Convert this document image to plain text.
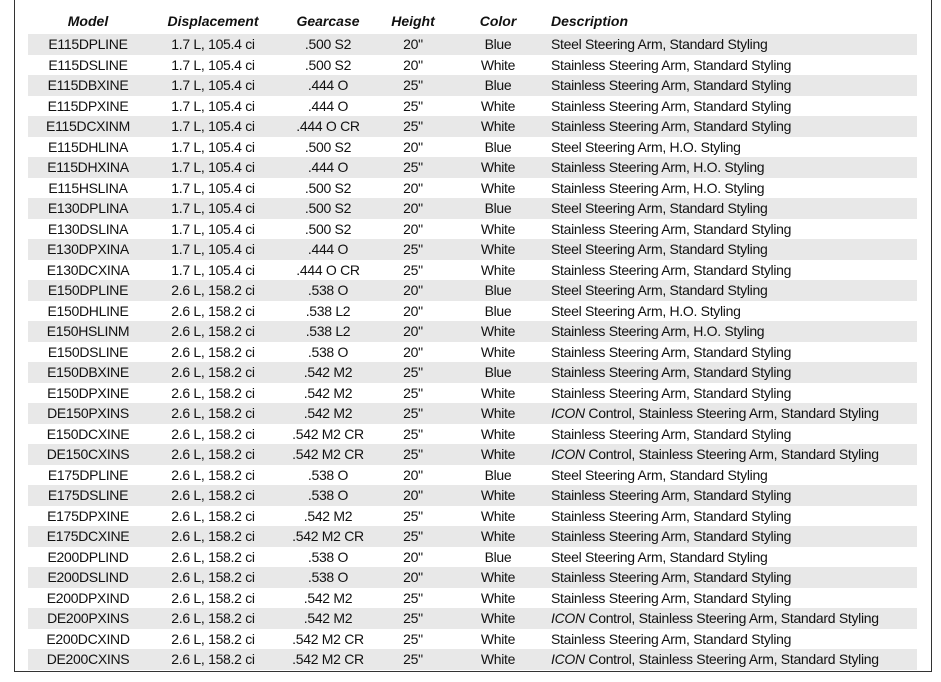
Model	Displacement	Gearcase	Height	Color	Description
E115DPLINE	1.7 L, 105.4 ci	.500 S2	20"	Blue	Steel Steering Arm, Standard Styling
E115DSLINE	1.7 L, 105.4 ci	.500 S2	20"	White	Stainless Steering Arm, Standard Styling
E115DBXINE	1.7 L, 105.4 ci	.444 O	25"	Blue	Stainless Steering Arm, Standard Styling
E115DPXINE	1.7 L, 105.4 ci	.444 O	25"	White	Stainless Steering Arm, Standard Styling
E115DCXINM	1.7 L, 105.4 ci	.444 O CR	25"	White	Stainless Steering Arm, Standard Styling
E115DHLINA	1.7 L, 105.4 ci	.500 S2	20"	Blue	Steel Steering Arm, H.O. Styling
E115DHXINA	1.7 L, 105.4 ci	.444 O	25"	White	Stainless Steering Arm, H.O. Styling
E115HSLINA	1.7 L, 105.4 ci	.500 S2	20"	White	Stainless Steering Arm, H.O. Styling
E130DPLINA	1.7 L, 105.4 ci	.500 S2	20"	Blue	Steel Steering Arm, Standard Styling
E130DSLINA	1.7 L, 105.4 ci	.500 S2	20"	White	Stainless Steering Arm, Standard Styling
E130DPXINA	1.7 L, 105.4 ci	.444 O	25"	White	Steel Steering Arm, Standard Styling
E130DCXINA	1.7 L, 105.4 ci	.444 O CR	25"	White	Stainless Steering Arm, Standard Styling
E150DPLINE	2.6 L, 158.2 ci	.538 O	20"	Blue	Steel Steering Arm, Standard Styling
E150DHLINE	2.6 L, 158.2 ci	.538 L2	20"	Blue	Steel Steering Arm, H.O. Styling
E150HSLINM	2.6 L, 158.2 ci	.538 L2	20"	White	Stainless Steering Arm, H.O. Styling
E150DSLINE	2.6 L, 158.2 ci	.538 O	20"	White	Stainless Steering Arm, Standard Styling
E150DBXINE	2.6 L, 158.2 ci	.542 M2	25"	Blue	Stainless Steering Arm, Standard Styling
E150DPXINE	2.6 L, 158.2 ci	.542 M2	25"	White	Stainless Steering Arm, Standard Styling
DE150PXINS	2.6 L, 158.2 ci	.542 M2	25"	White	ICON Control, Stainless Steering Arm, Standard Styling
E150DCXINE	2.6 L, 158.2 ci	.542 M2 CR	25"	White	Stainless Steering Arm, Standard Styling
DE150CXINS	2.6 L, 158.2 ci	.542 M2 CR	25"	White	ICON Control, Stainless Steering Arm, Standard Styling
E175DPLINE	2.6 L, 158.2 ci	.538 O	20"	Blue	Steel Steering Arm, Standard Styling
E175DSLINE	2.6 L, 158.2 ci	.538 O	20"	White	Stainless Steering Arm, Standard Styling
E175DPXINE	2.6 L, 158.2 ci	.542 M2	25"	White	Stainless Steering Arm, Standard Styling
E175DCXINE	2.6 L, 158.2 ci	.542 M2 CR	25"	White	Stainless Steering Arm, Standard Styling
E200DPLIND	2.6 L, 158.2 ci	.538 O	20"	Blue	Steel Steering Arm, Standard Styling
E200DSLIND	2.6 L, 158.2 ci	.538 O	20"	White	Stainless Steering Arm, Standard Styling
E200DPXIND	2.6 L, 158.2 ci	.542 M2	25"	White	Stainless Steering Arm, Standard Styling
DE200PXINS	2.6 L, 158.2 ci	.542 M2	25"	White	ICON Control, Stainless Steering Arm, Standard Styling
E200DCXIND	2.6 L, 158.2 ci	.542 M2 CR	25"	White	Stainless Steering Arm, Standard Styling
DE200CXINS	2.6 L, 158.2 ci	.542 M2 CR	25"	White	ICON Control, Stainless Steering Arm, Standard Styling
